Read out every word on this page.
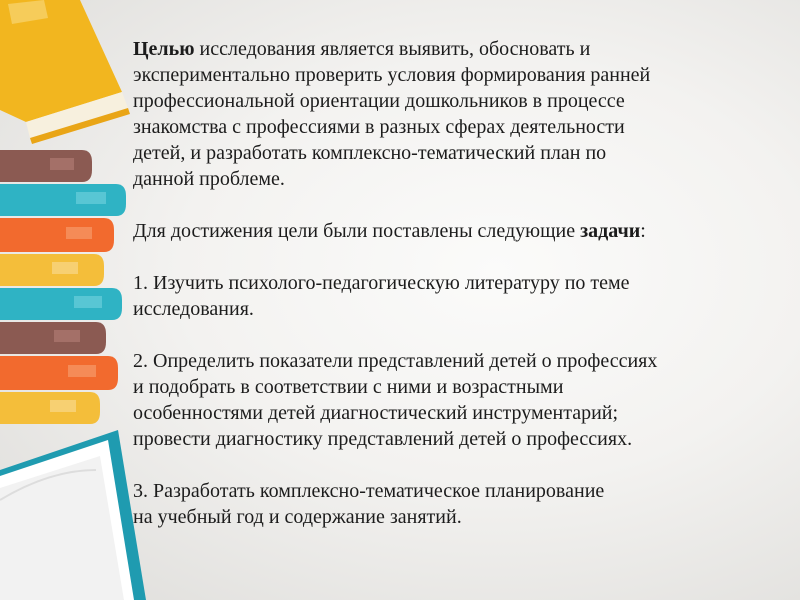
Целью исследования является выявить, обосновать и
экспериментально проверить условия формирования ранней
профессиональной ориентации дошкольников в процессе
знакомства с профессиями в разных сферах деятельности
детей, и разработать комплексно-тематический план по
данной проблеме.

Для достижения цели были поставлены следующие задачи:

1. Изучить психолого-педагогическую литературу по теме
исследования.

2. Определить показатели представлений детей о профессиях
и подобрать в соответствии с ними и возрастными
особенностями детей диагностический инструментарий;
провести диагностику представлений детей о профессиях.

3. Разработать комплексно-тематическое планирование
на учебный год и содержание занятий.
